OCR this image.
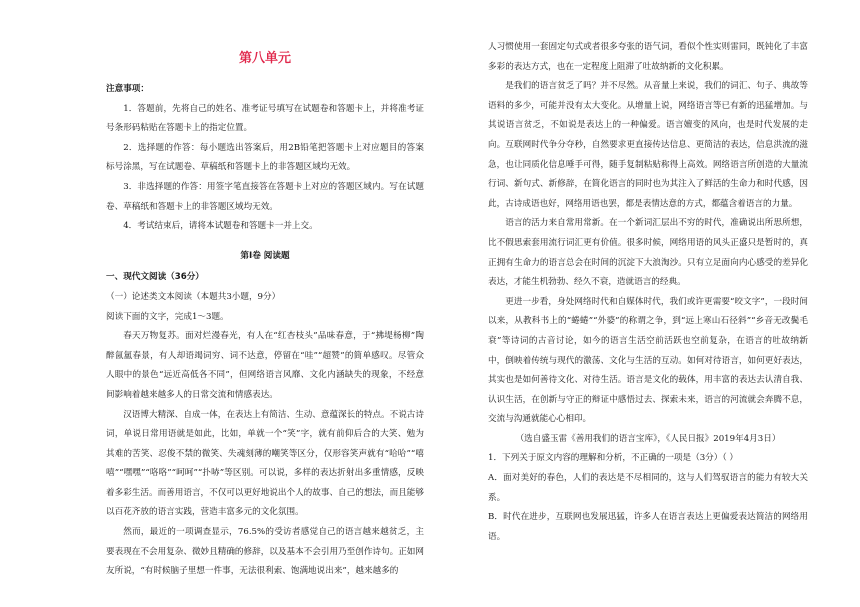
第八单元
注意事项：

1．答题前，先将自己的姓名、准考证号填写在试题卷和答题卡上，并将准考证号条形码粘贴在答题卡上的指定位置。

2．选择题的作答：每小题选出答案后，用2B铅笔把答题卡上对应题目的答案标号涂黑，写在试题卷、草稿纸和答题卡上的非答题区域均无效。

3．非选择题的作答：用签字笔直接答在答题卡上对应的答题区域内。写在试题卷、草稿纸和答题卡上的非答题区域均无效。

4．考试结束后，请将本试题卷和答题卡一并上交。

第Ⅰ卷 阅读题
一、现代文阅读（36分）

（一）论述类文本阅读（本题共3小题，9分）

阅读下面的文字，完成1～3题。

春天万物复苏。面对烂漫春光，有人在“红杏枝头”品味春意，于“拂堤杨柳”陶醉氤氲春景，有人却语竭词穷、词不达意，停留在“哇”“超赞”的简单感叹。尽管众人眼中的景色“远近高低各不同”，但网络语言风靡、文化内涵缺失的现象，不经意间影响着越来越多人的日常交流和情感表达。

汉语博大精深、自成一体，在表达上有简洁、生动、意蕴深长的特点。不说古诗词，单说日常用语就是如此，比如，单就一个“笑”字，就有前仰后合的大笑、勉为其难的苦笑、忍俊不禁的微笑、失魂刻薄的嘲笑等区分，仅形容笑声就有“哈哈”“嘻嘻”“嘿嘿”“咯咯”“呵呵”“扑哧”等区别。可以说，多样的表达折射出多重情感，反映着多彩生活。而善用语言，不仅可以更好地说出个人的故事、自己的想法，而且能够以百花齐放的语言实践，营造丰富多元的文化氛围。

然而，最近的一项调查显示，76.5%的受访者感觉自己的语言越来越贫乏，主要表现在不会用复杂、微妙且精确的修辞，以及基本不会引用乃至创作诗句。正如网友所说，“有时候脑子里想一件事，无法很利索、饱满地说出来”，越来越多的

人习惯使用一套固定句式或者很多夸张的语气词，看似个性实则雷同，既钝化了丰富多彩的表达方式，也在一定程度上阻滞了吐故纳新的文化积累。

是我们的语言贫乏了吗？并不尽然。从音量上来说，我们的词汇、句子、典故等语料的多少，可能并没有太大变化。从增量上说，网络语言等已有新的迅猛增加。与其说语言贫乏，不如说是表达上的一种偏爱。语言嬗变的风向，也是时代发展的走向。互联网时代争分夺秒，自然要求更直接传达信息、更简洁的表达，信息洪流的滋急，也让同质化信息唾手可得，随手复制粘贴称得上高效。网络语言所创造的大量流行词、新句式、新修辞，在简化语言的同时也为其注入了鲜活的生命力和时代感，因此，古诗成语也好，网络用语也罢，都是表情达意的方式，都蕴含着语言的力量。

语言的活力来自常用常新。在一个新词汇层出不穷的时代，准确说出所思所想，比不假思索套用流行词汇更有价值。很多时候，网络用语的风头正盛只是暂时的，真正拥有生命力的语言总会在时间的沉淀下大浪淘沙。只有立足面向内心感受的差异化表达，才能生机勃勃、经久不衰，造就语言的经典。

更进一步看，身处网络时代和自媒体时代，我们或许更需要“咬文字”，一段时间以来，从教科书上的“蜷蜷”“外婆”的称谓之争，到“远上寒山石径斜”“乡音无改鬓毛衰”等诗词的古音讨论，如今的语言生活空前活跃也空前复杂，在语言的吐故纳新中，倒映着传统与现代的激荡、文化与生活的互动。如何对待语言，如何更好表达，其实也是如何善待文化、对待生活。语言是文化的载体，用丰富的表达去认清自我、认识生活，在创新与守正的辩证中感悟过去、探索未来，语言的河流就会奔腾不息，交流与沟通就能心心相印。

（选自盛玉雷《善用我们的语言宝库》，《人民日报》2019年4月3日）

1．下列关于原文内容的理解和分析，不正确的一项是（3分）（ ）

A．面对美好的春色，人们的表达是不尽相同的，这与人们驾驭语言的能力有较大关系。

B．时代在进步，互联网也发展迅猛，许多人在语言表达上更偏爱表达简洁的网络用语。
